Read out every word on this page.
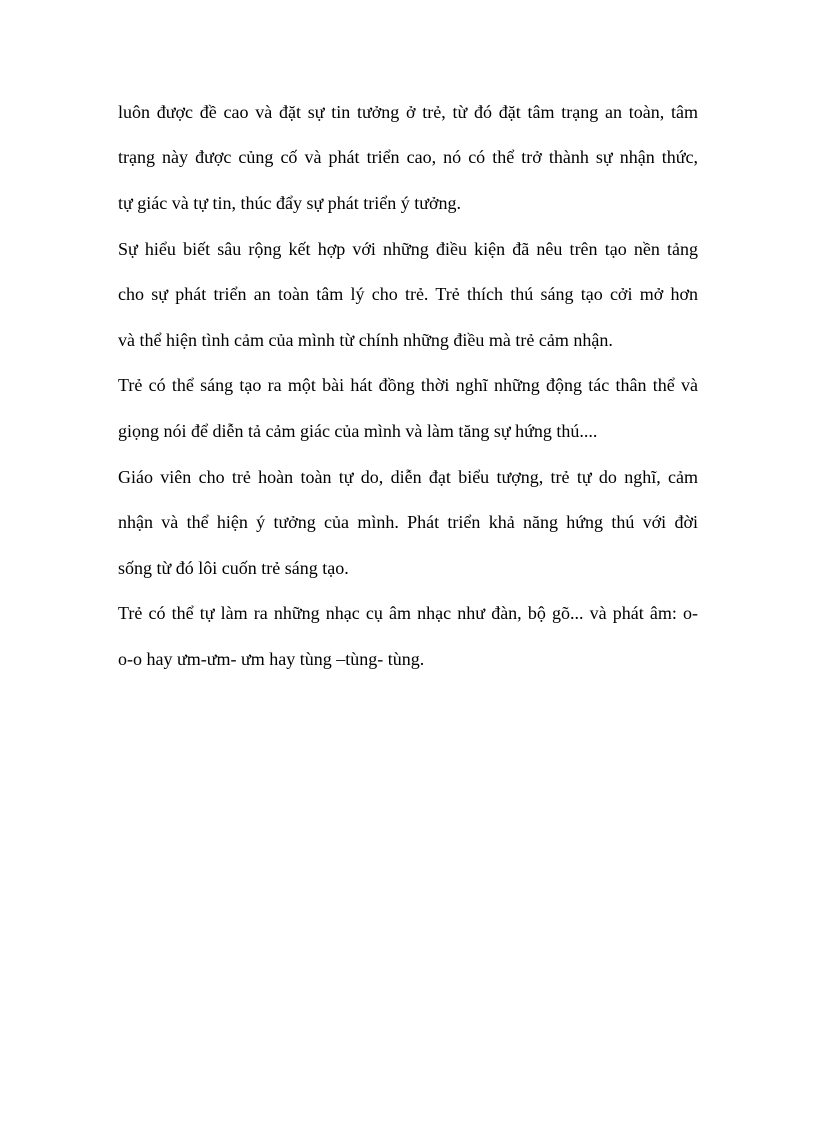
luôn được đề cao và đặt sự tin tưởng ở trẻ, từ đó đặt tâm trạng an toàn, tâm
trạng này được củng cố và phát triển cao, nó có thể trở thành sự nhận thức,
tự giác và tự tin, thúc đẩy sự phát triển ý tưởng.
Sự hiểu biết sâu rộng kết hợp với những điều kiện đã nêu trên tạo nền tảng
cho sự phát triển an toàn tâm lý cho trẻ. Trẻ thích thú sáng tạo cởi mở hơn
và thể hiện tình cảm của mình từ chính những điều mà trẻ cảm nhận.
Trẻ có thể sáng tạo ra một bài hát đồng thời nghĩ những động tác thân thể và
giọng nói để diễn tả cảm giác của mình và làm tăng sự hứng thú....
Giáo viên cho trẻ hoàn toàn tự do, diễn đạt biểu tượng, trẻ tự do nghĩ, cảm
nhận và thể hiện ý tưởng của mình. Phát triển khả năng hứng thú với đời
sống từ đó lôi cuốn trẻ sáng tạo.
Trẻ có thể tự làm ra những nhạc cụ âm nhạc như đàn, bộ gõ... và phát âm: o-
o-o hay ưm-ưm- ưm hay tùng –tùng- tùng.
